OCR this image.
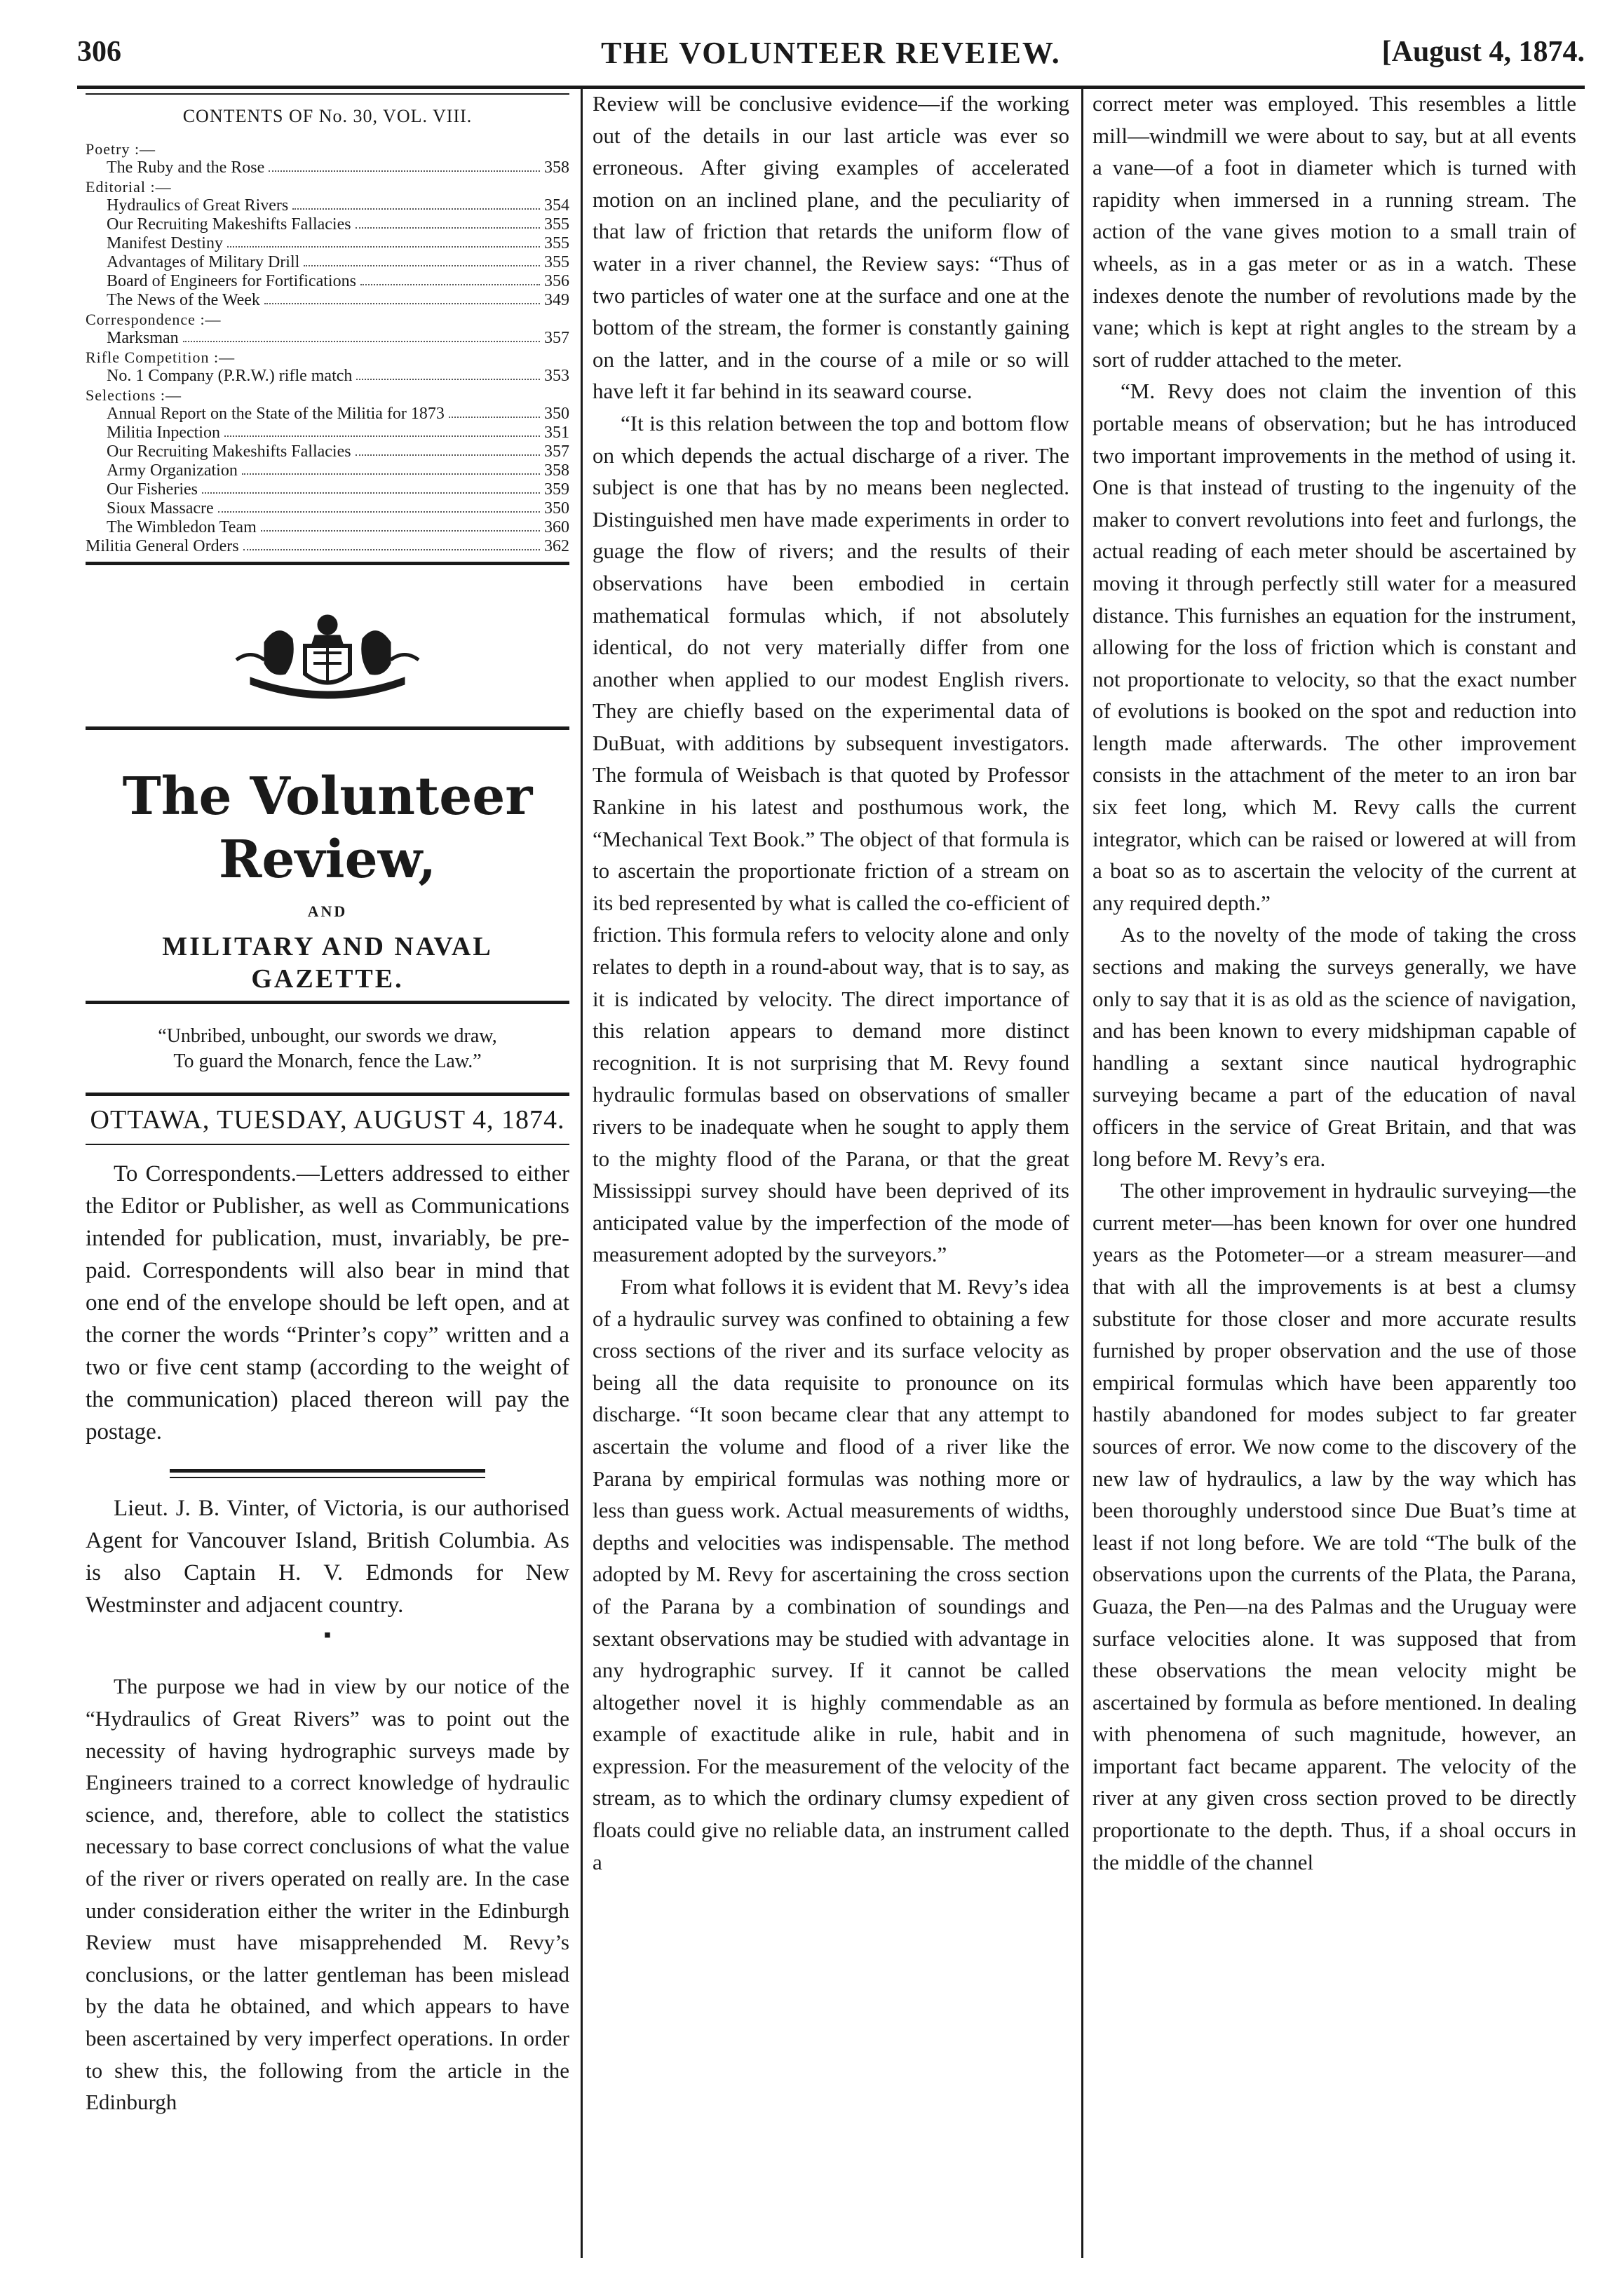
306	THE VOLUNTEER REVEIEW.	[August 4, 1874.
CONTENTS OF No. 30, VOL. VIII.
Poetry :—
The Ruby and the Rose	358
Editorial :—
Hydraulics of Great Rivers	354
Our Recruiting Makeshifts Fallacies	355
Manifest Destiny	355
Advantages of Military Drill	355
Board of Engineers for Fortifications	356
The News of the Week	349
Correspondence :—
Marksman	357
Rifle Competition :—
No. 1 Company (P.R.W.) rifle match	353
Selections :—
Annual Report on the State of the Militia for 1873	350
Militia Inpection	351
Our Recruiting Makeshifts Fallacies	357
Army Organization	358
Our Fisheries	359
Sioux Massacre	350
The Wimbledon Team	360
Militia General Orders	362
The Volunteer Review,
AND
MILITARY AND NAVAL GAZETTE.
“Unbribed, unbought, our swords we draw,
To guard the Monarch, fence the Law.”
OTTAWA, TUESDAY, AUGUST 4, 1874.

To Correspondents.—Letters addressed to either the Editor or Publisher, as well as Communications intended for publication, must, invariably, be pre-paid. Correspondents will also bear in mind that one end of the envelope should be left open, and at the corner the words “Printer’s copy” written and a two or five cent stamp (according to the weight of the communication) placed thereon will pay the postage.

Lieut. J. B. Vinter, of Victoria, is our authorised Agent for Vancouver Island, British Columbia. As is also Captain H. V. Edmonds for New Westminster and adjacent country.

▪

The purpose we had in view by our notice of the “Hydraulics of Great Rivers” was to point out the necessity of having hydrographic surveys made by Engineers trained to a correct knowledge of hydraulic science, and, therefore, able to collect the statistics necessary to base correct conclusions of what the value of the river or rivers operated on really are. In the case under consideration either the writer in the Edinburgh Review must have misapprehended M. Revy’s conclusions, or the latter gentleman has been mislead by the data he obtained, and which appears to have been ascertained by very imperfect operations. In order to shew this, the following from the article in the Edinburgh

Review will be conclusive evidence—if the working out of the details in our last article was ever so erroneous. After giving examples of accelerated motion on an inclined plane, and the peculiarity of that law of friction that retards the uniform flow of water in a river channel, the Review says: “Thus of two particles of water one at the surface and one at the bottom of the stream, the former is constantly gaining on the latter, and in the course of a mile or so will have left it far behind in its seaward course.

“It is this relation between the top and bottom flow on which depends the actual discharge of a river. The subject is one that has by no means been neglected. Distinguished men have made experiments in order to guage the flow of rivers; and the results of their observations have been embodied in certain mathematical formulas which, if not absolutely identical, do not very materially differ from one another when applied to our modest English rivers. They are chiefly based on the experimental data of DuBuat, with additions by subsequent investigators. The formula of Weisbach is that quoted by Professor Rankine in his latest and posthumous work, the “Mechanical Text Book.” The object of that formula is to ascertain the proportionate friction of a stream on its bed represented by what is called the co-efficient of friction. This formula refers to velocity alone and only relates to depth in a round-about way, that is to say, as it is indicated by velocity. The direct importance of this relation appears to demand more distinct recognition. It is not surprising that M. Revy found hydraulic formulas based on observations of smaller rivers to be inadequate when he sought to apply them to the mighty flood of the Parana, or that the great Mississippi survey should have been deprived of its anticipated value by the imperfection of the mode of measurement adopted by the surveyors.”

From what follows it is evident that M. Revy’s idea of a hydraulic survey was confined to obtaining a few cross sections of the river and its surface velocity as being all the data requisite to pronounce on its discharge. “It soon became clear that any attempt to ascertain the volume and flood of a river like the Parana by empirical formulas was nothing more or less than guess work. Actual measurements of widths, depths and velocities was indispensable. The method adopted by M. Revy for ascertaining the cross section of the Parana by a combination of soundings and sextant observations may be studied with advantage in any hydrographic survey. If it cannot be called altogether novel it is highly commendable as an example of exactitude alike in rule, habit and in expression. For the measurement of the velocity of the stream, as to which the ordinary clumsy expedient of floats could give no reliable data, an instrument called a

correct meter was employed. This resembles a little mill—windmill we were about to say, but at all events a vane—of a foot in diameter which is turned with rapidity when immersed in a running stream. The action of the vane gives motion to a small train of wheels, as in a gas meter or as in a watch. These indexes denote the number of revolutions made by the vane; which is kept at right angles to the stream by a sort of rudder attached to the meter.

“M. Revy does not claim the invention of this portable means of observation; but he has introduced two important improvements in the method of using it. One is that instead of trusting to the ingenuity of the maker to convert revolutions into feet and furlongs, the actual reading of each meter should be ascertained by moving it through perfectly still water for a measured distance. This furnishes an equation for the instrument, allowing for the loss of friction which is constant and not proportionate to velocity, so that the exact number of evolutions is booked on the spot and reduction into length made afterwards. The other improvement consists in the attachment of the meter to an iron bar six feet long, which M. Revy calls the current integrator, which can be raised or lowered at will from a boat so as to ascertain the velocity of the current at any required depth.”

As to the novelty of the mode of taking the cross sections and making the surveys generally, we have only to say that it is as old as the science of navigation, and has been known to every midshipman capable of handling a sextant since nautical hydrographic surveying became a part of the education of naval officers in the service of Great Britain, and that was long before M. Revy’s era.

The other improvement in hydraulic surveying—the current meter—has been known for over one hundred years as the Potometer—or a stream measurer—and that with all the improvements is at best a clumsy substitute for those closer and more accurate results furnished by proper observation and the use of those empirical formulas which have been apparently too hastily abandoned for modes subject to far greater sources of error. We now come to the discovery of the new law of hydraulics, a law by the way which has been thoroughly understood since Due Buat’s time at least if not long before. We are told “The bulk of the observations upon the currents of the Plata, the Parana, Guaza, the Pen—na des Palmas and the Uruguay were surface velocities alone. It was supposed that from these observations the mean velocity might be ascertained by formula as before mentioned. In dealing with phenomena of such magnitude, however, an important fact became apparent. The velocity of the river at any given cross section proved to be directly proportionate to the depth. Thus, if a shoal occurs in the middle of the channel
